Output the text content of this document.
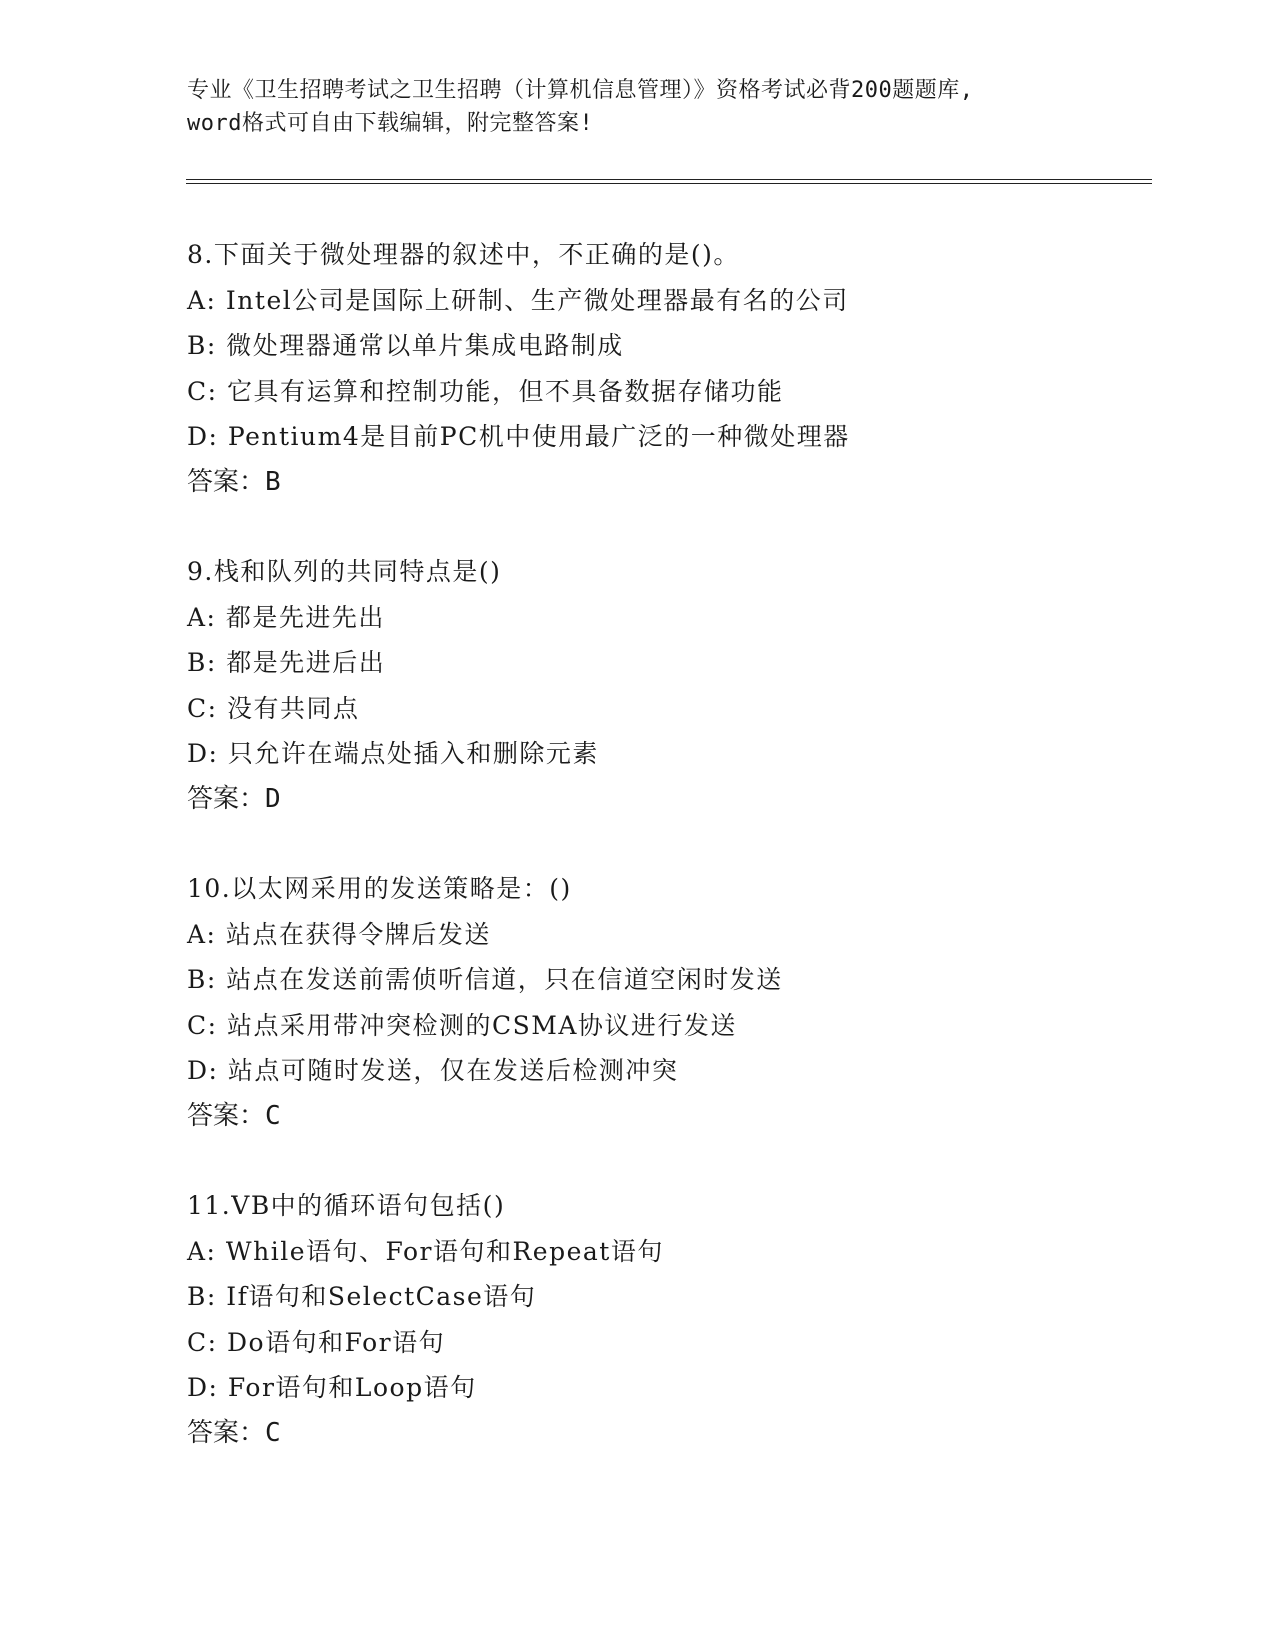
专业《卫生招聘考试之卫生招聘（计算机信息管理）》资格考试必背200题题库,
word格式可自由下载编辑，附完整答案!
8.下面关于微处理器的叙述中，不正确的是()。
A: Intel公司是国际上研制、生产微处理器最有名的公司
B: 微处理器通常以单片集成电路制成
C: 它具有运算和控制功能，但不具备数据存储功能
D: Pentium4是目前PC机中使用最广泛的一种微处理器
答案：B
9.栈和队列的共同特点是()
A: 都是先进先出
B: 都是先进后出
C: 没有共同点
D: 只允许在端点处插入和删除元素
答案：D
10.以太网采用的发送策略是：()
A: 站点在获得令牌后发送
B: 站点在发送前需侦听信道，只在信道空闲时发送
C: 站点采用带冲突检测的CSMA协议进行发送
D: 站点可随时发送，仅在发送后检测冲突
答案：C
11.VB中的循环语句包括()
A: While语句、For语句和Repeat语句
B: If语句和SelectCase语句
C: Do语句和For语句
D: For语句和Loop语句
答案：C
